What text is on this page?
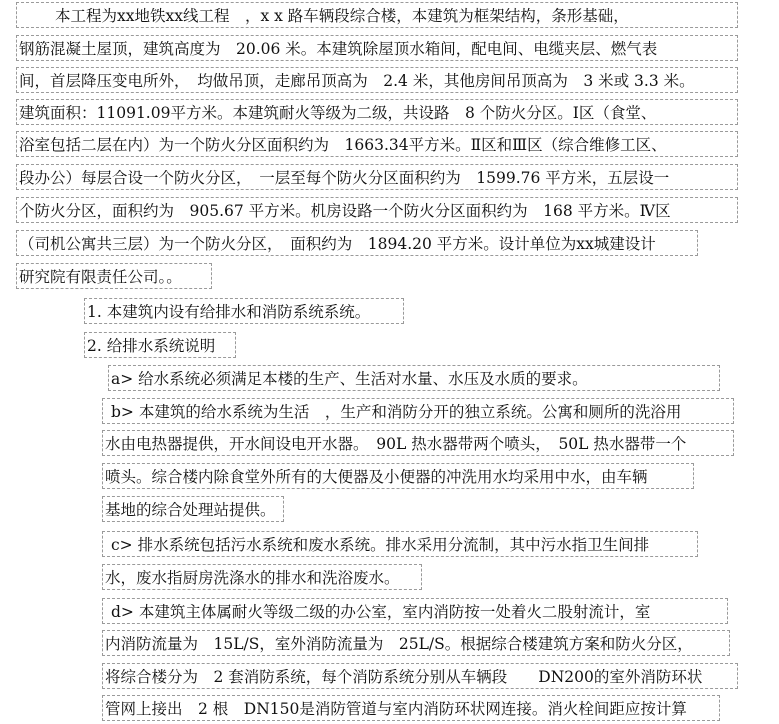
本工程为xx地铁xx线工程　，x x 路车辆段综合楼，本建筑为框架结构，条形基础，
钢筋混凝土屋顶，建筑高度为　20.06 米。本建筑除屋顶水箱间，配电间、电缆夹层、燃气表
间，首层降压变电所外，　均做吊顶，走廊吊顶高为　2.4 米，其他房间吊顶高为　3 米或 3.3 米。
建筑面积：11091.09平方米。本建筑耐火等级为二级，共设路　8 个防火分区。Ⅰ区（食堂、
浴室包括二层在内）为一个防火分区面积约为　1663.34平方米。Ⅱ区和Ⅲ区（综合维修工区、
段办公）每层合设一个防火分区，　一层至每个防火分区面积约为　1599.76 平方米，五层设一
个防火分区，面积约为　905.67 平方米。机房设路一个防火分区面积约为　168 平方米。Ⅳ区
（司机公寓共三层）为一个防火分区，　面积约为　1894.20 平方米。设计单位为xx城建设计
研究院有限责任公司。。
1. 本建筑内设有给排水和消防系统系统。
2. 给排水系统说明
a> 给水系统必须满足本楼的生产、生活对水量、水压及水质的要求。
b> 本建筑的给水系统为生活　，生产和消防分开的独立系统。公寓和厕所的洗浴用
水由电热器提供，开水间设电开水器。　90L 热水器带两个喷头，　50L 热水器带一个
喷头。综合楼内除食堂外所有的大便器及小便器的冲洗用水均采用中水，由车辆
基地的综合处理站提供。
c> 排水系统包括污水系统和废水系统。排水采用分流制，其中污水指卫生间排
水，废水指厨房洗涤水的排水和洗浴废水。
d> 本建筑主体属耐火等级二级的办公室，室内消防按一处着火二股射流计，室
内消防流量为　15L/S，室外消防流量为　25L/S。根据综合楼建筑方案和防火分区，
将综合楼分为　2 套消防系统，每个消防系统分别从车辆段　　DN200的室外消防环状
管网上接出　2 根　DN150是消防管道与室内消防环状网连接。消火栓间距应按计算
